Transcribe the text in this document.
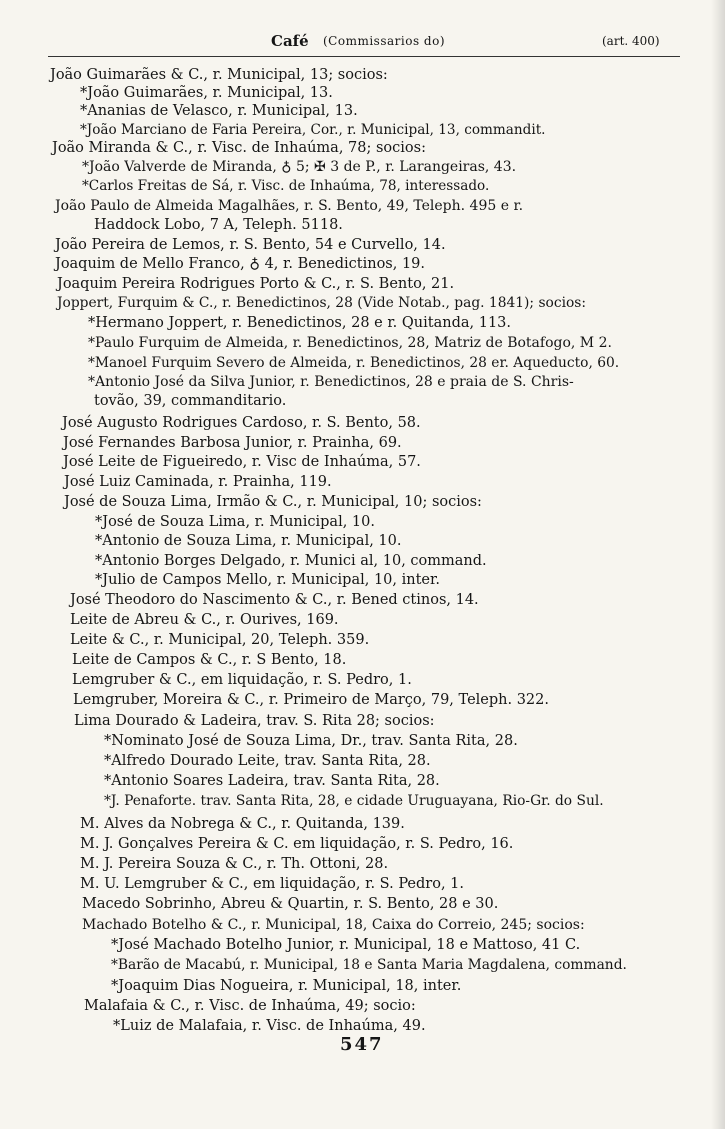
Café (Commissarios do)	(art. 400)
João Guimarães & C., r. Municipal, 13; socios:
*João Guimarães, r. Municipal, 13.
*Ananias de Velasco, r. Municipal, 13.
*João Marciano de Faria Pereira, Cor., r. Municipal, 13, commandit.
João Miranda & C., r. Visc. de Inhaúma, 78; socios:
*João Valverde de Miranda, ♁ 5; ✠ 3 de P., r. Larangeiras, 43.
*Carlos Freitas de Sá, r. Visc. de Inhaúma, 78, interessado.
João Paulo de Almeida Magalhães, r. S. Bento, 49, Teleph. 495 e r.
Haddock Lobo, 7 A, Teleph. 5118.
João Pereira de Lemos, r. S. Bento, 54 e Curvello, 14.
Joaquim de Mello Franco, ♁ 4, r. Benedictinos, 19.
Joaquim Pereira Rodrigues Porto & C., r. S. Bento, 21.
Joppert, Furquim & C., r. Benedictinos, 28 (Vide Notab., pag. 1841); socios:
*Hermano Joppert, r. Benedictinos, 28 e r. Quitanda, 113.
*Paulo Furquim de Almeida, r. Benedictinos, 28, Matriz de Botafogo, M 2.
*Manoel Furquim Severo de Almeida, r. Benedictinos, 28 er. Aqueducto, 60.
*Antonio José da Silva Junior, r. Benedictinos, 28 e praia de S. Chris-
tovão, 39, commanditario.
José Augusto Rodrigues Cardoso, r. S. Bento, 58.
José Fernandes Barbosa Junior, r. Prainha, 69.
José Leite de Figueiredo, r. Visc de Inhaúma, 57.
José Luiz Caminada, r. Prainha, 119.
José de Souza Lima, Irmão & C., r. Municipal, 10; socios:
*José de Souza Lima, r. Municipal, 10.
*Antonio de Souza Lima, r. Municipal, 10.
*Antonio Borges Delgado, r. Munici al, 10, command.
*Julio de Campos Mello, r. Municipal, 10, inter.
José Theodoro do Nascimento & C., r. Bened ctinos, 14.
Leite de Abreu & C., r. Ourives, 169.
Leite & C., r. Municipal, 20, Teleph. 359.
Leite de Campos & C., r. S Bento, 18.
Lemgruber & C., em liquidação, r. S. Pedro, 1.
Lemgruber, Moreira & C., r. Primeiro de Março, 79, Teleph. 322.
Lima Dourado & Ladeira, trav. S. Rita 28; socios:
*Nominato José de Souza Lima, Dr., trav. Santa Rita, 28.
*Alfredo Dourado Leite, trav. Santa Rita, 28.
*Antonio Soares Ladeira, trav. Santa Rita, 28.
*J. Penaforte. trav. Santa Rita, 28, e cidade Uruguayana, Rio-Gr. do Sul.
M. Alves da Nobrega & C., r. Quitanda, 139.
M. J. Gonçalves Pereira & C. em liquidação, r. S. Pedro, 16.
M. J. Pereira Souza & C., r. Th. Ottoni, 28.
M. U. Lemgruber & C., em liquidação, r. S. Pedro, 1.
Macedo Sobrinho, Abreu & Quartin, r. S. Bento, 28 e 30.
Machado Botelho & C., r. Municipal, 18, Caixa do Correio, 245; socios:
*José Machado Botelho Junior, r. Municipal, 18 e Mattoso, 41 C.
*Barão de Macabú, r. Municipal, 18 e Santa Maria Magdalena, command.
*Joaquim Dias Nogueira, r. Municipal, 18, inter.
Malafaia & C., r. Visc. de Inhaúma, 49; socio:
*Luiz de Malafaia, r. Visc. de Inhaúma, 49.
547
